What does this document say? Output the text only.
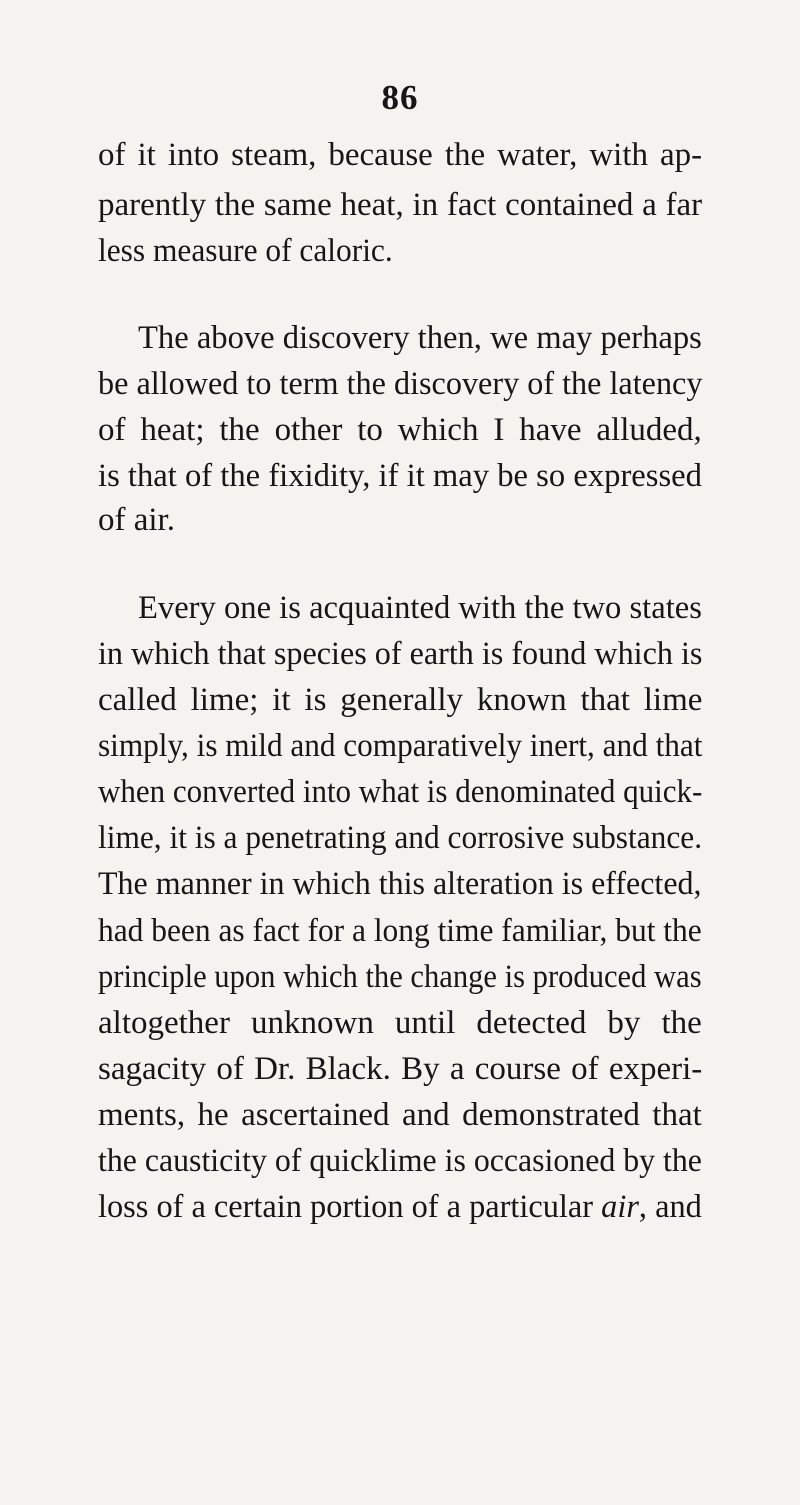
86
of it into steam, because the water, with ap-
parently the same heat, in fact contained a far
less measure of caloric.
The above discovery then, we may perhaps
be allowed to term the discovery of the latency
of heat; the other to which I have alluded,
is that of the fixidity, if it may be so expressed
of air.
Every one is acquainted with the two states
in which that species of earth is found which is
called lime; it is generally known that lime
simply, is mild and comparatively inert, and that
when converted into what is denominated quick-
lime, it is a penetrating and corrosive substance.
The manner in which this alteration is effected,
had been as fact for a long time familiar, but the
principle upon which the change is produced was
altogether unknown until detected by the
sagacity of Dr. Black. By a course of experi-
ments, he ascertained and demonstrated that
the causticity of quicklime is occasioned by the
loss of a certain portion of a particular air, and
